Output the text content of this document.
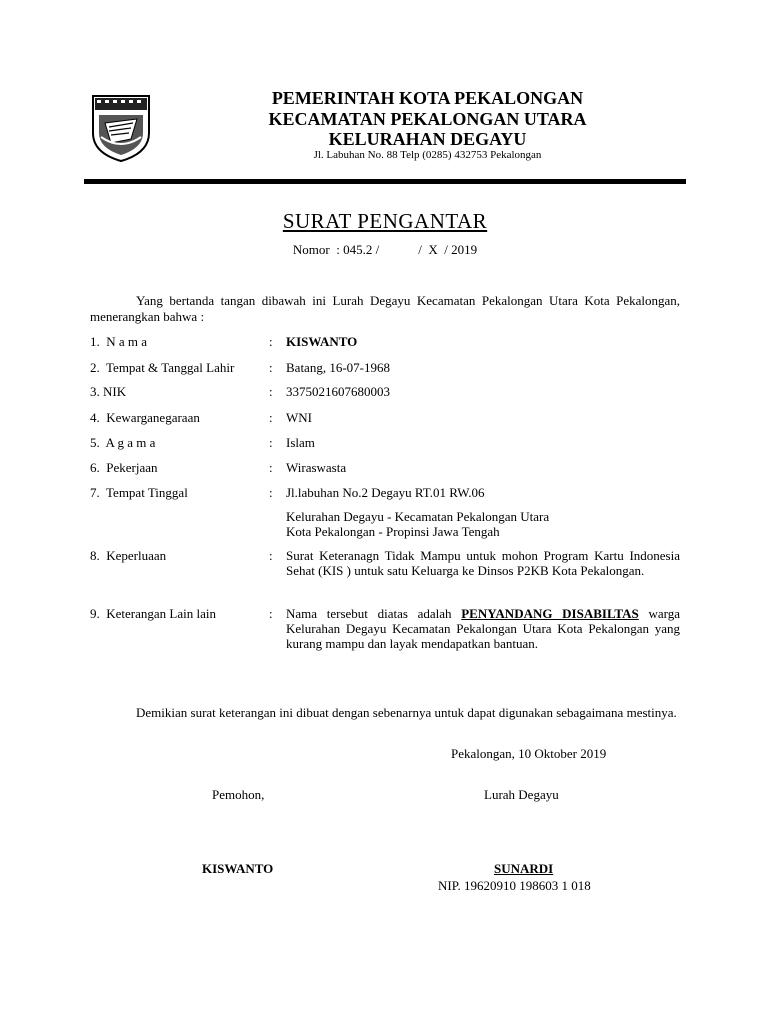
PEMERINTAH KOTA PEKALONGAN
KECAMATAN PEKALONGAN UTARA
KELURAHAN DEGAYU
Jl. Labuhan No. 88 Telp (0285) 432753 Pekalongan
SURAT PENGANTAR
Nomor  : 045.2 /            /  X  / 2019
Yang bertanda tangan dibawah ini Lurah Degayu Kecamatan Pekalongan Utara Kota Pekalongan, menerangkan bahwa :
1.  N a m a	: KISWANTO
2.  Tempat & Tanggal Lahir	: Batang, 16-07-1968
3. NIK	: 3375021607680003
4.  Kewarganegaraan	: WNI
5.  A g a m a	: Islam
6.  Pekerjaan	: Wiraswasta
7.  Tempat Tinggal	: Jl.labuhan No.2 Degayu RT.01 RW.06
Kelurahan Degayu - Kecamatan Pekalongan Utara
Kota Pekalongan - Propinsi Jawa Tengah
8.  Keperluaan	: Surat Keteranagn Tidak Mampu untuk mohon Program Kartu Indonesia Sehat (KIS ) untuk satu Keluarga ke Dinsos P2KB Kota Pekalongan.
9.  Keterangan Lain lain	: Nama tersebut diatas adalah PENYANDANG DISABILTAS warga Kelurahan Degayu Kecamatan Pekalongan Utara Kota Pekalongan yang kurang mampu dan layak mendapatkan bantuan.
Demikian surat keterangan ini dibuat dengan sebenarnya untuk dapat digunakan sebagaimana mestinya.
Pekalongan, 10 Oktober 2019
Pemohon,	Lurah Degayu
KISWANTO	SUNARDI
NIP. 19620910 198603 1 018
